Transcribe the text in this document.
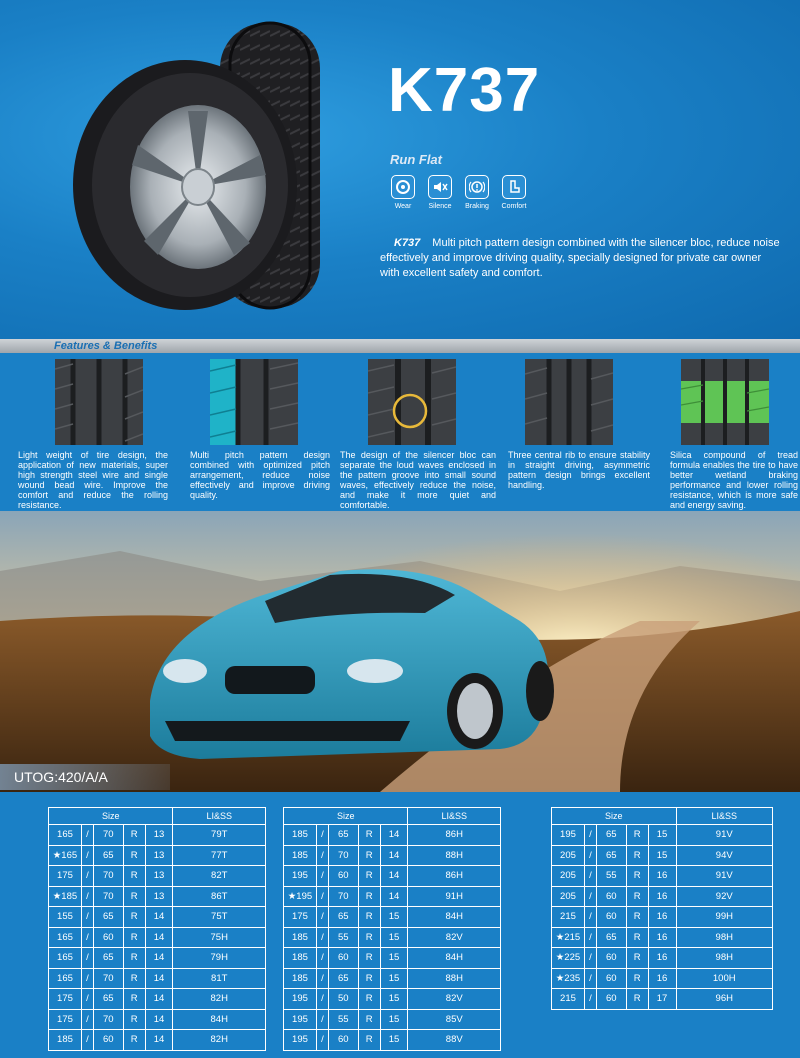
K737
Run Flat
Wear Silence Braking Comfort
K737 Multi pitch pattern design combined with the silencer bloc, reduce noise effectively and improve driving quality, specially designed for private car owner with excellent safety and comfort.
Features & Benefits
Light weight of tire design, the application of new materials, super high strength steel wire and single wound bead wire. Improve the comfort and reduce the rolling resistance.
Multi pitch pattern design combined with optimized pitch arrangement, reduce noise effectively and improve driving quality.
The design of the silencer bloc can separate the loud waves enclosed in the pattern groove into small sound waves, effectively reduce the noise, and make it more quiet and comfortable.
Three central rib to ensure stability in straight driving, asymmetric pattern design brings excellent handling.
Silica compound of tread formula enables the tire to have better wetland braking performance and lower rolling resistance, which is more safe and energy saving.
UTOG:420/A/A
Size					LI&SS
165	/	70	R	13	79T
★165	/	65	R	13	77T
175	/	70	R	13	82T
★185	/	70	R	13	86T
155	/	65	R	14	75T
165	/	60	R	14	75H
165	/	65	R	14	79H
165	/	70	R	14	81T
175	/	65	R	14	82H
175	/	70	R	14	84H
185	/	60	R	14	82H
Size					LI&SS
185	/	65	R	14	86H
185	/	70	R	14	88H
195	/	60	R	14	86H
★195	/	70	R	14	91H
175	/	65	R	15	84H
185	/	55	R	15	82V
185	/	60	R	15	84H
185	/	65	R	15	88H
195	/	50	R	15	82V
195	/	55	R	15	85V
195	/	60	R	15	88V
Size					LI&SS
195	/	65	R	15	91V
205	/	65	R	15	94V
205	/	55	R	16	91V
205	/	60	R	16	92V
215	/	60	R	16	99H
★215	/	65	R	16	98H
★225	/	60	R	16	98H
★235	/	60	R	16	100H
215	/	60	R	17	96H
